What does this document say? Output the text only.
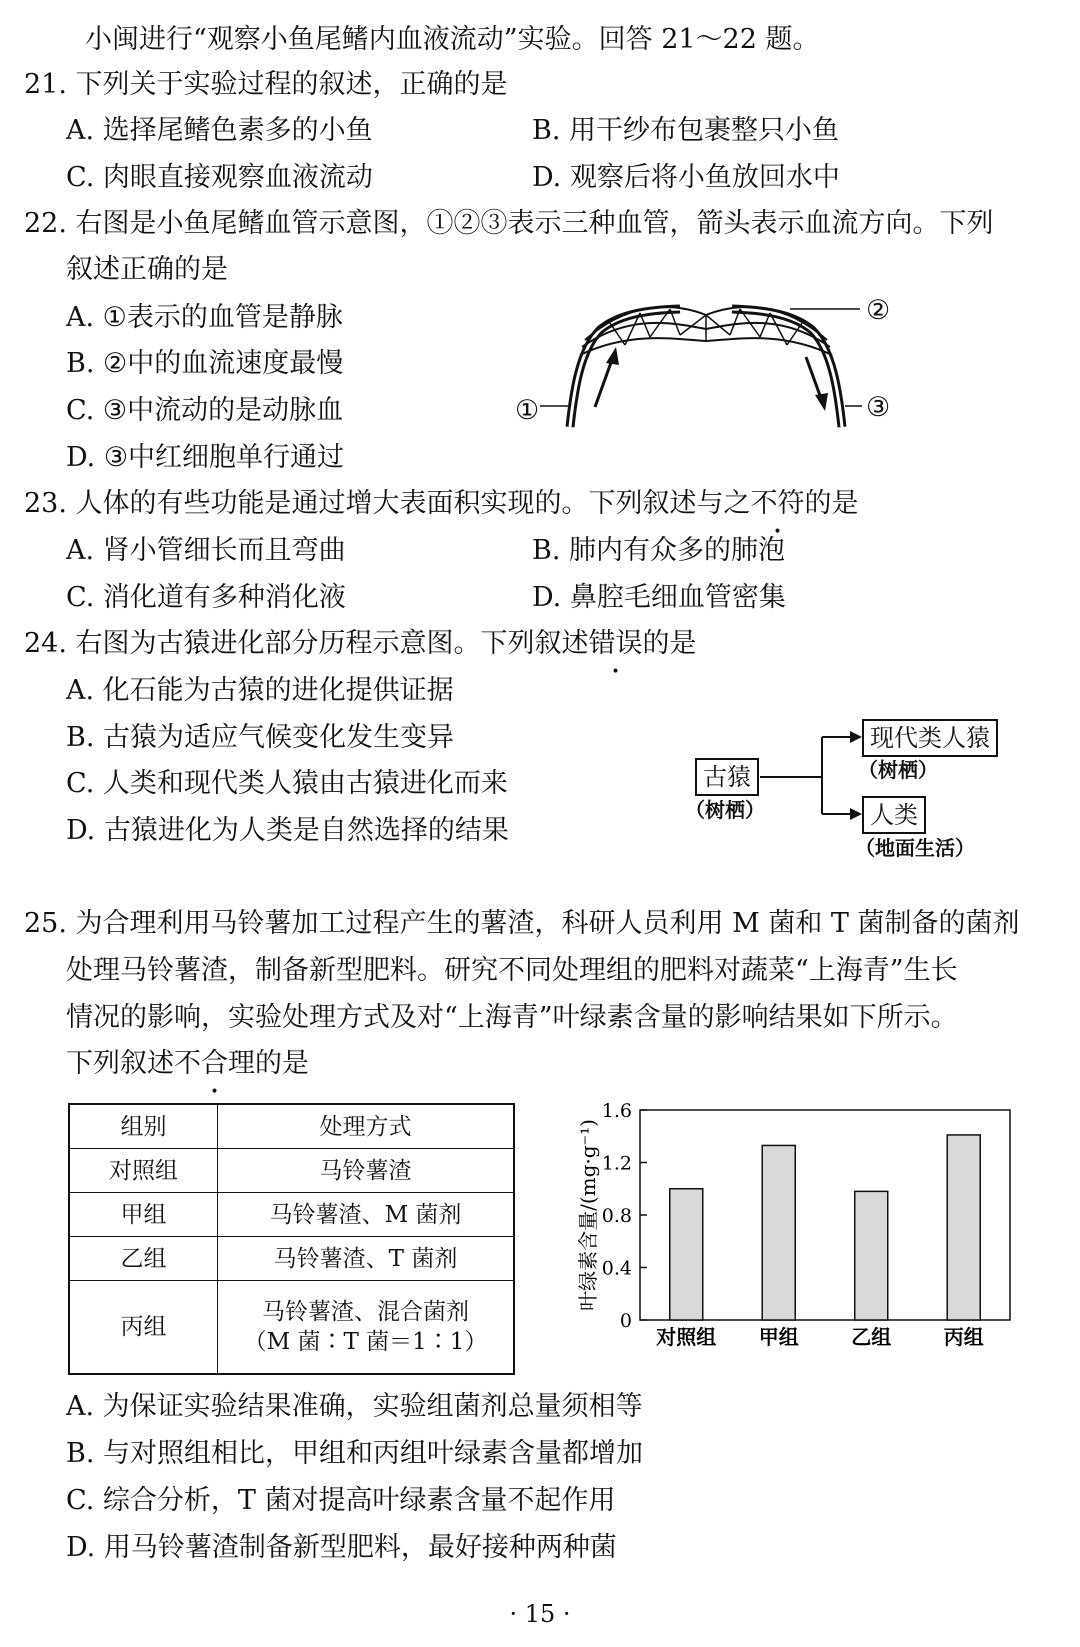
小闽进行“观察小鱼尾鳍内血液流动”实验。回答 21～22 题。
21. 下列关于实验过程的叙述，正确的是
A. 选择尾鳍色素多的小鱼	B. 用干纱布包裹整只小鱼
C. 肉眼直接观察血液流动	D. 观察后将小鱼放回水中
22. 右图是小鱼尾鳍血管示意图，①②③表示三种血管，箭头表示血流方向。下列
叙述正确的是
A. ①表示的血管是静脉
B. ②中的血流速度最慢
C. ③中流动的是动脉血
D. ③中红细胞单行通过
①
②
③
23. 人体的有些功能是通过增大表面积实现的。下列叙述与之不符的是
A. 肾小管细长而且弯曲	B. 肺内有众多的肺泡
C. 消化道有多种消化液	D. 鼻腔毛细血管密集
24. 右图为古猿进化部分历程示意图。下列叙述错误的是
A. 化石能为古猿的进化提供证据
B. 古猿为适应气候变化发生变异
C. 人类和现代类人猿由古猿进化而来
D. 古猿进化为人类是自然选择的结果
古猿
（树栖）
现代类人猿
（树栖）
人类
（地面生活）
25. 为合理利用马铃薯加工过程产生的薯渣，科研人员利用 M 菌和 T 菌制备的菌剂
处理马铃薯渣，制备新型肥料。研究不同处理组的肥料对蔬菜“上海青”生长
情况的影响，实验处理方式及对“上海青”叶绿素含量的影响结果如下所示。
下列叙述不合理的是
组别	处理方式
对照组	马铃薯渣
甲组	马铃薯渣、M 菌剂
乙组	马铃薯渣、T 菌剂
丙组	马铃薯渣、混合菌剂
（M 菌∶T 菌＝1∶1）
0
0.4
0.8
1.2
1.6
对照组 甲组	乙组	丙组
叶绿素含量/(mg·g⁻¹)
A. 为保证实验结果准确，实验组菌剂总量须相等
B. 与对照组相比，甲组和丙组叶绿素含量都增加
C. 综合分析，T 菌对提高叶绿素含量不起作用
D. 用马铃薯渣制备新型肥料，最好接种两种菌
· 15 ·
